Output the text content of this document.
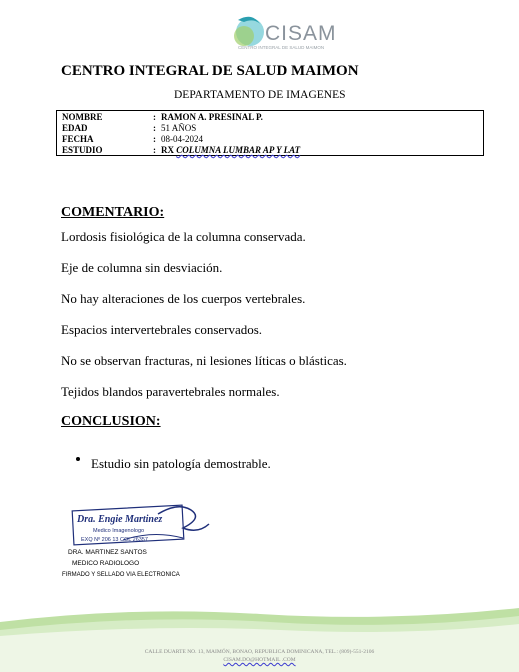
CISAM
CENTRO INTEGRAL DE SALUD MAIMON
CENTRO INTEGRAL DE SALUD MAIMON
DEPARTAMENTO DE IMAGENES
NOMBRE	: RAMON A. PRESINAL P.
EDAD	: 51 AÑOS
FECHA	: 08-04-2024
ESTUDIO	: RX COLUMNA LUMBAR AP Y LAT
COMENTARIO:
Lordosis fisiológica de la columna conservada.
Eje de columna sin desviación.
No hay alteraciones de los cuerpos vertebrales.
Espacios intervertebrales conservados.
No se observan fracturas, ni lesiones líticas o blásticas.
Tejidos blandos paravertebrales normales.
CONCLUSION:
Estudio sin patología demostrable.
Dra. Engie Martinez
Medico Imagenologo
EXQ Nº 206 13 COL 26357
DRA. MARTINEZ SANTOS
MEDICO RADIOLOGO
FIRMADO Y SELLADO VIA ELECTRONICA
CALLE DUARTE NO. 13, MAIMÓN, BONAO, REPUBLICA DOMINICANA, TEL.: (809)-551-2106
CISAM.DO@HOTMAIL .COM
